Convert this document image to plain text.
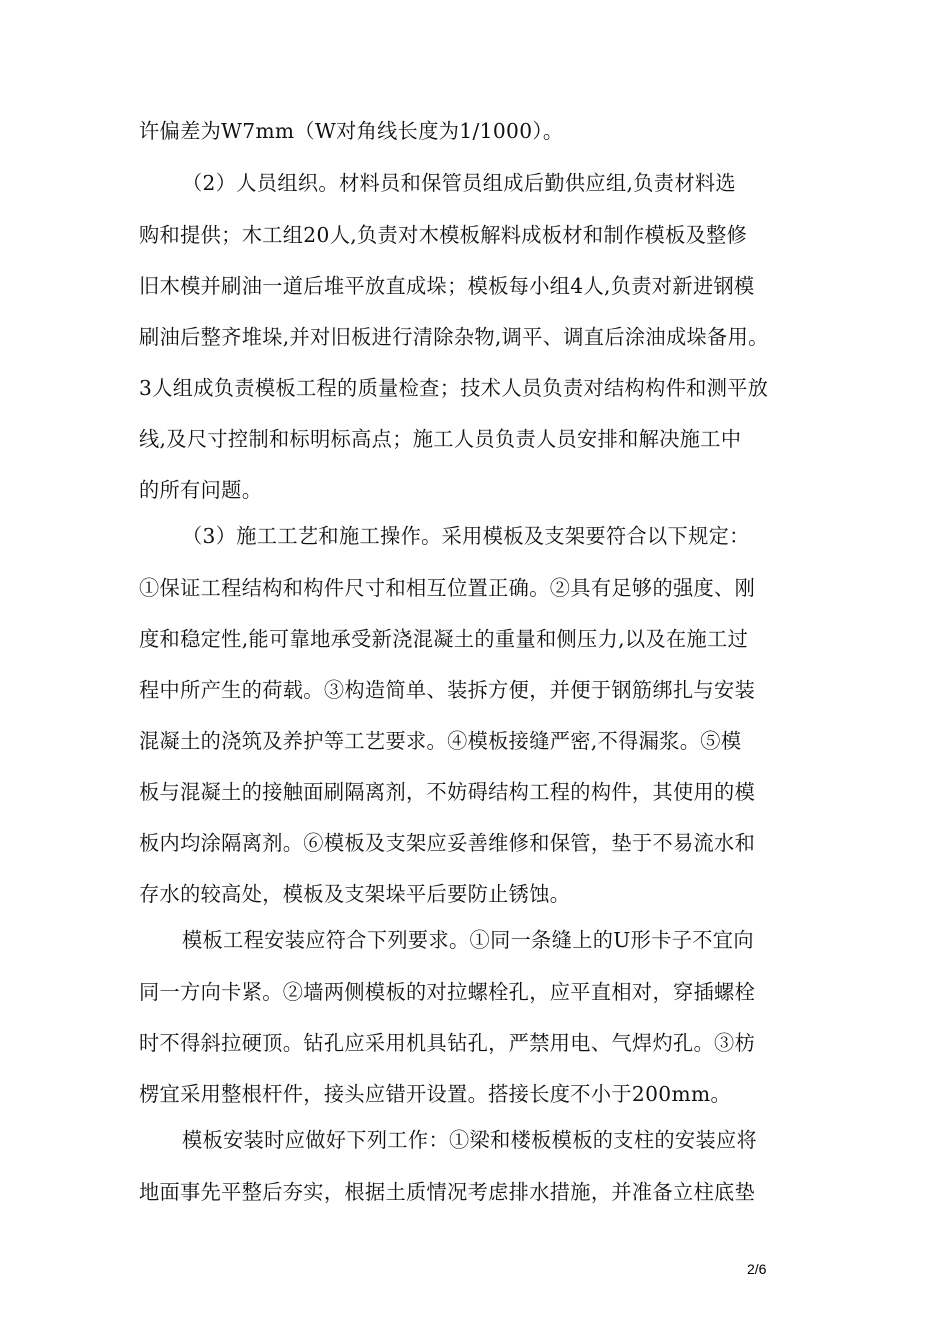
许偏差为W7mm（W对角线长度为1/1000）。
（2）人员组织。材料员和保管员组成后勤供应组,负责材料选
购和提供；木工组20人,负责对木模板解料成板材和制作模板及整修
旧木模并刷油一道后堆平放直成垛；模板每小组4人,负责对新进钢模
刷油后整齐堆垛,并对旧板进行清除杂物,调平、调直后涂油成垛备用。
3人组成负责模板工程的质量检查；技术人员负责对结构构件和测平放
线,及尺寸控制和标明标高点；施工人员负责人员安排和解决施工中
的所有问题。
（3）施工工艺和施工操作。采用模板及支架要符合以下规定：
①保证工程结构和构件尺寸和相互位置正确。②具有足够的强度、刚
度和稳定性,能可靠地承受新浇混凝土的重量和侧压力,以及在施工过
程中所产生的荷载。③构造简单、装拆方便，并便于钢筋绑扎与安装
混凝土的浇筑及养护等工艺要求。④模板接缝严密,不得漏浆。⑤模
板与混凝土的接触面刷隔离剂，不妨碍结构工程的构件，其使用的模
板内均涂隔离剂。⑥模板及支架应妥善维修和保管，垫于不易流水和
存水的较高处，模板及支架垛平后要防止锈蚀。
模板工程安装应符合下列要求。①同一条缝上的U形卡子不宜向
同一方向卡紧。②墙两侧模板的对拉螺栓孔，应平直相对，穿插螺栓
时不得斜拉硬顶。钻孔应采用机具钻孔，严禁用电、气焊灼孔。③枋
楞宜采用整根杆件，接头应错开设置。搭接长度不小于200mm。
模板安装时应做好下列工作：①梁和楼板模板的支柱的安装应将
地面事先平整后夯实，根据土质情况考虑排水措施，并准备立柱底垫
2/6
